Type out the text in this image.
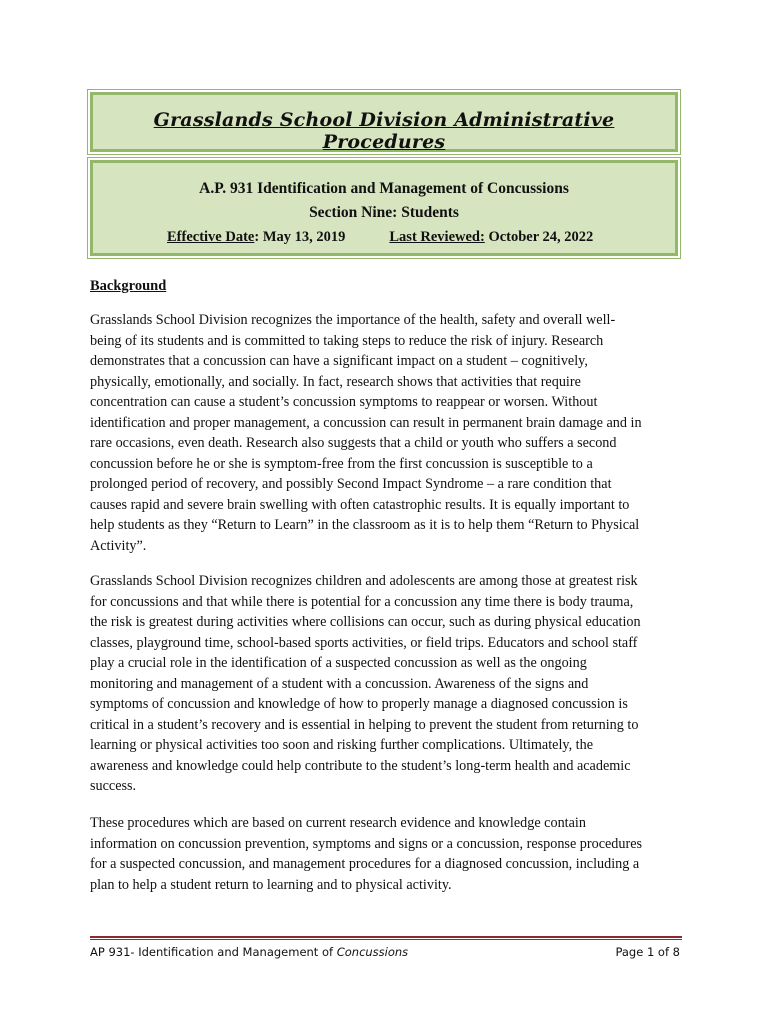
Grasslands School Division Administrative Procedures
A.P. 931 Identification and Management of Concussions
Section Nine: Students
Effective Date: May 13, 2019	Last Reviewed: October 24, 2022
Background

Grasslands School Division recognizes the importance of the health, safety and overall well-
being of its students and is committed to taking steps to reduce the risk of injury. Research
demonstrates that a concussion can have a significant impact on a student – cognitively,
physically, emotionally, and socially. In fact, research shows that activities that require
concentration can cause a student’s concussion symptoms to reappear or worsen. Without
identification and proper management, a concussion can result in permanent brain damage and in
rare occasions, even death. Research also suggests that a child or youth who suffers a second
concussion before he or she is symptom-free from the first concussion is susceptible to a
prolonged period of recovery, and possibly Second Impact Syndrome – a rare condition that
causes rapid and severe brain swelling with often catastrophic results. It is equally important to
help students as they “Return to Learn” in the classroom as it is to help them “Return to Physical
Activity”.

Grasslands School Division recognizes children and adolescents are among those at greatest risk
for concussions and that while there is potential for a concussion any time there is body trauma,
the risk is greatest during activities where collisions can occur, such as during physical education
classes, playground time, school-based sports activities, or field trips. Educators and school staff
play a crucial role in the identification of a suspected concussion as well as the ongoing
monitoring and management of a student with a concussion. Awareness of the signs and
symptoms of concussion and knowledge of how to properly manage a diagnosed concussion is
critical in a student’s recovery and is essential in helping to prevent the student from returning to
learning or physical activities too soon and risking further complications. Ultimately, the
awareness and knowledge could help contribute to the student’s long-term health and academic
success.

These procedures which are based on current research evidence and knowledge contain
information on concussion prevention, symptoms and signs or a concussion, response procedures
for a suspected concussion, and management procedures for a diagnosed concussion, including a
plan to help a student return to learning and to physical activity.

AP 931- Identification and Management of Concussions	Page 1 of 8
